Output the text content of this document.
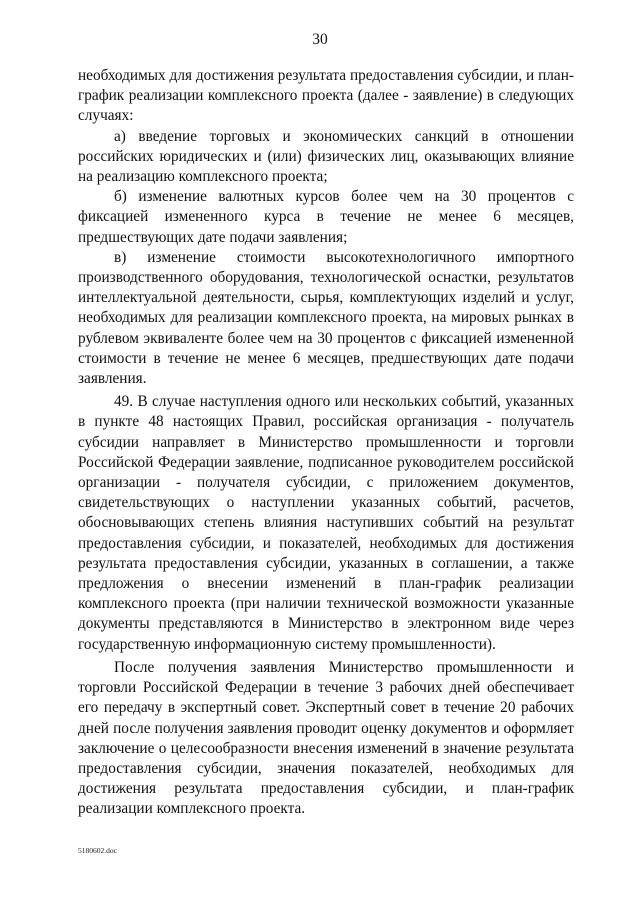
30

необходимых для достижения результата предоставления субсидии, и план-график реализации комплексного проекта (далее - заявление) в следующих случаях:

а) введение торговых и экономических санкций в отношении российских юридических и (или) физических лиц, оказывающих влияние на реализацию комплексного проекта;

б) изменение валютных курсов более чем на 30 процентов с фиксацией измененного курса в течение не менее 6 месяцев, предшествующих дате подачи заявления;

в) изменение стоимости высокотехнологичного импортного производственного оборудования, технологической оснастки, результатов интеллектуальной деятельности, сырья, комплектующих изделий и услуг, необходимых для реализации комплексного проекта, на мировых рынках в рублевом эквиваленте более чем на 30 процентов с фиксацией измененной стоимости в течение не менее 6 месяцев, предшествующих дате подачи заявления.

49. В случае наступления одного или нескольких событий, указанных в пункте 48 настоящих Правил, российская организация - получатель субсидии направляет в Министерство промышленности и торговли Российской Федерации заявление, подписанное руководителем российской организации - получателя субсидии, с приложением документов, свидетельствующих о наступлении указанных событий, расчетов, обосновывающих степень влияния наступивших событий на результат предоставления субсидии, и показателей, необходимых для достижения результата предоставления субсидии, указанных в соглашении, а также предложения о внесении изменений в план-график реализации комплексного проекта (при наличии технической возможности указанные документы представляются в Министерство в электронном виде через государственную информационную систему промышленности).

После получения заявления Министерство промышленности и торговли Российской Федерации в течение 3 рабочих дней обеспечивает его передачу в экспертный совет. Экспертный совет в течение 20 рабочих дней после получения заявления проводит оценку документов и оформляет заключение о целесообразности внесения изменений в значение результата предоставления субсидии, значения показателей, необходимых для достижения результата предоставления субсидии, и план-график реализации комплексного проекта.

5180602.doc
